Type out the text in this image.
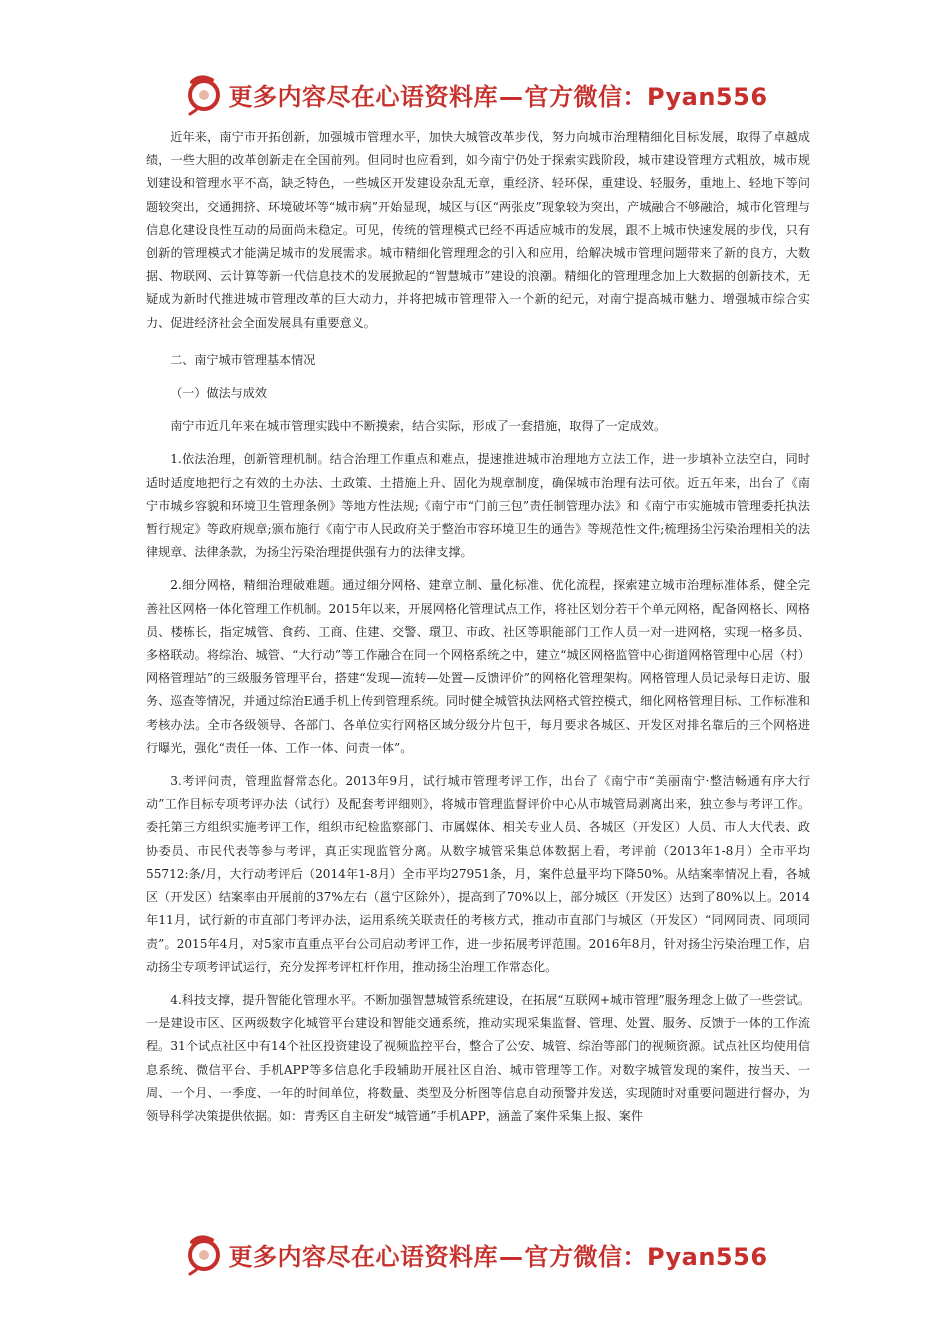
更多内容尽在心语资料库—官方微信：Pyan556

近年来，南宁市开拓创新，加强城市管理水平，加快大城管改革步伐，努力向城市治理精细化目标发展，取得了卓越成绩，一些大胆的改革创新走在全国前列。但同时也应看到，如今南宁仍处于探索实践阶段，城市建设管理方式粗放，城市规划建设和管理水平不高，缺乏特色，一些城区开发建设杂乱无章，重经济、轻环保，重建设、轻服务，重地上、轻地下等问题较突出，交通拥挤、环境破坏等“城市病”开始显现，城区与ί区“两张皮”现象较为突出，产城融合不够融洽，城市化管理与信息化建设良性互动的局面尚未稳定。可见，传统的管理模式已经不再适应城市的发展，跟不上城市快速发展的步伐，只有创新的管理模式才能满足城市的发展需求。城市精细化管理理念的引入和应用，给解决城市管理问题带来了新的良方，大数据、物联网、云计算等新一代信息技术的发展掀起的“智慧城市”建设的浪潮。精细化的管理理念加上大数据的创新技术，无疑成为新时代推进城市管理改革的巨大动力，并将把城市管理带入一个新的纪元，对南宁提高城市魅力、增强城市综合实力、促进经济社会全面发展具有重要意义。

二、南宁城市管理基本情况

（一）做法与成效

南宁市近几年来在城市管理实践中不断摸索，结合实际，形成了一套措施，取得了一定成效。

1.依法治理，创新管理机制。结合治理工作重点和难点，提速推进城市治理地方立法工作，进一步填补立法空白，同时适时适度地把行之有效的土办法、土政策、土措施上升、固化为规章制度，确保城市治理有法可依。近五年来，出台了《南宁市城乡容貌和环境卫生管理条例》等地方性法规;《南宁市“门前三包”责任制管理办法》和《南宁市实施城市管理委托执法暂行规定》等政府规章;颁布施行《南宁市人民政府关于整治市容环境卫生的通告》等规范性文件;梳理扬尘污染治理相关的法律规章、法律条款，为扬尘污染治理提供强有力的法律支撑。

2.细分网格，精细治理破难题。通过细分网格、建章立制、量化标准、优化流程，探索建立城市治理标准体系，健全完善社区网格一体化管理工作机制。2015年以来，开展网格化管理试点工作，将社区划分若干个单元网格，配备网格长、网格员、楼栋长，指定城管、食药、工商、住建、交警、環卫、市政、社区等职能部门工作人员一对一进网格，实现一格多员、多格联动。将综治、城管、“大行动”等工作融合在同一个网格系统之中，建立“城区网格监管中心街道网格管理中心居（村）网格管理站”的三级服务管理平台，搭建“发现—流转—处置—反馈评价”的网格化管理架构。网格管理人员记录每日走访、服务、巡查等情况，并通过综治E通手机上传到管理系统。同时健全城管执法网格式管控模式，细化网格管理目标、工作标准和考核办法。全市各级领导、各部门、各单位实行网格区域分级分片包干，每月要求各城区、开发区对排名靠后的三个网格进行曝光，强化“责任一体、工作一体、问责一体”。

3.考评问责，管理监督常态化。2013年9月，试行城市管理考评工作，出台了《南宁市“美丽南宁·整洁畅通有序大行动”工作目标专项考评办法（试行）及配套考评细则》，将城市管理监督评价中心从市城管局剥离出来，独立参与考评工作。委托第三方组织实施考评工作，组织市纪检监察部门、市属媒体、相关专业人员、各城区（开发区）人员、市人大代表、政协委员、市民代表等参与考评，真正实现监管分离。从数字城管采集总体数据上看，考评前（2013年1-8月）全市平均55712:条/月，大行动考评后（2014年1-8月）全市平均27951条，月，案件总量平均下降50%。从结案率情况上看，各城区（开发区）结案率由开展前的37%左右（邕宁区除外），提高到了70%以上，部分城区（开发区）达到了80%以上。2014年11月，试行新的市直部门考评办法，运用系统关联责任的考核方式，推动市直部门与城区（开发区）“同网同责、同项同责”。2015年4月，对5家市直重点平台公司启动考评工作，进一步拓展考评范围。2016年8月，针对扬尘污染治理工作，启动扬尘专项考评试运行，充分发挥考评杠杆作用，推动扬尘治理工作常态化。

4.科技支撑，提升智能化管理水平。不断加强智慧城管系统建设，在拓展“互联网+城市管理”服务理念上做了一些尝试。一是建设市区、区两级数字化城管平台建设和智能交通系统，推动实现采集监督、管理、处置、服务、反馈于一体的工作流程。31个试点社区中有14个社区投资建设了视频监控平台，整合了公安、城管、综治等部门的视频资源。试点社区均使用信息系统、微信平台、手机APP等多信息化手段辅助开展社区自治、城市管理等工作。对数字城管发现的案件，按当天、一周、一个月、一季度、一年的时间单位，将数量、类型及分析图等信息自动预警并发送，实现随时对重要问题进行督办，为领导科学决策提供依据。如：青秀区自主研发“城管通”手机APP，涵盖了案件采集上报、案件

更多内容尽在心语资料库—官方微信：Pyan556
